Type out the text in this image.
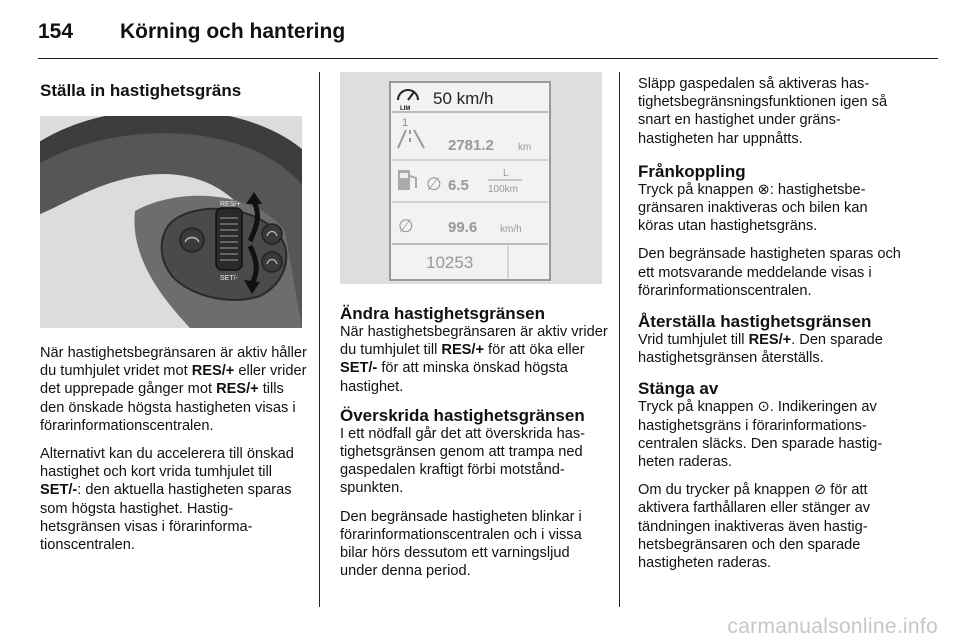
154	Körning och hantering
Ställa in hastighetsgräns
RES/+
SET/-

När hastighetsbegränsaren är aktiv håller du tumhjulet vridet mot RES/+ eller vrider det upprepade gånger mot RES/+ tills den önskade högsta hastigheten visas i förarinformationscentralen.

Alternativt kan du accelerera till önskad hastighet och kort vrida tumhjulet till SET/-: den aktuella hastigheten sparas som högsta hastighet. Hastighetsgränsen visas i förarinformationscentralen.

LIM
50 km/h
1
2781.2 km
∅ 6.5
L
100km
∅ 99.6 km/h
10253
Ändra hastighetsgränsen

När hastighetsbegränsaren är aktiv vrider du tumhjulet till RES/+ för att öka eller SET/- för att minska önskad högsta hastighet.

Överskrida hastighetsgränsen

I ett nödfall går det att överskrida hastighetsgränsen genom att trampa ned gaspedalen kraftigt förbi motståndspunkten.

Den begränsade hastigheten blinkar i förarinformationscentralen och i vissa bilar hörs dessutom ett varningsljud under denna period.

Släpp gaspedalen så aktiveras hastighetsbegränsningsfunktionen igen så snart en hastighet under gränshastigheten har uppnåtts.

Frånkoppling

Tryck på knappen ⊗: hastighetsbegränsaren inaktiveras och bilen kan köras utan hastighetsgräns.

Den begränsade hastigheten sparas och ett motsvarande meddelande visas i förarinformationscentralen.

Återställa hastighetsgränsen

Vrid tumhjulet till RES/+. Den sparade hastighetsgränsen återställs.

Stänga av

Tryck på knappen ⊙. Indikeringen av hastighetsgräns i förarinformationscentralen släcks. Den sparade hastigheten raderas.

Om du trycker på knappen ⊘ för att aktivera farthållaren eller stänger av tändningen inaktiveras även hastighetsbegränsaren och den sparade hastigheten raderas.

carmanualsonline.info
